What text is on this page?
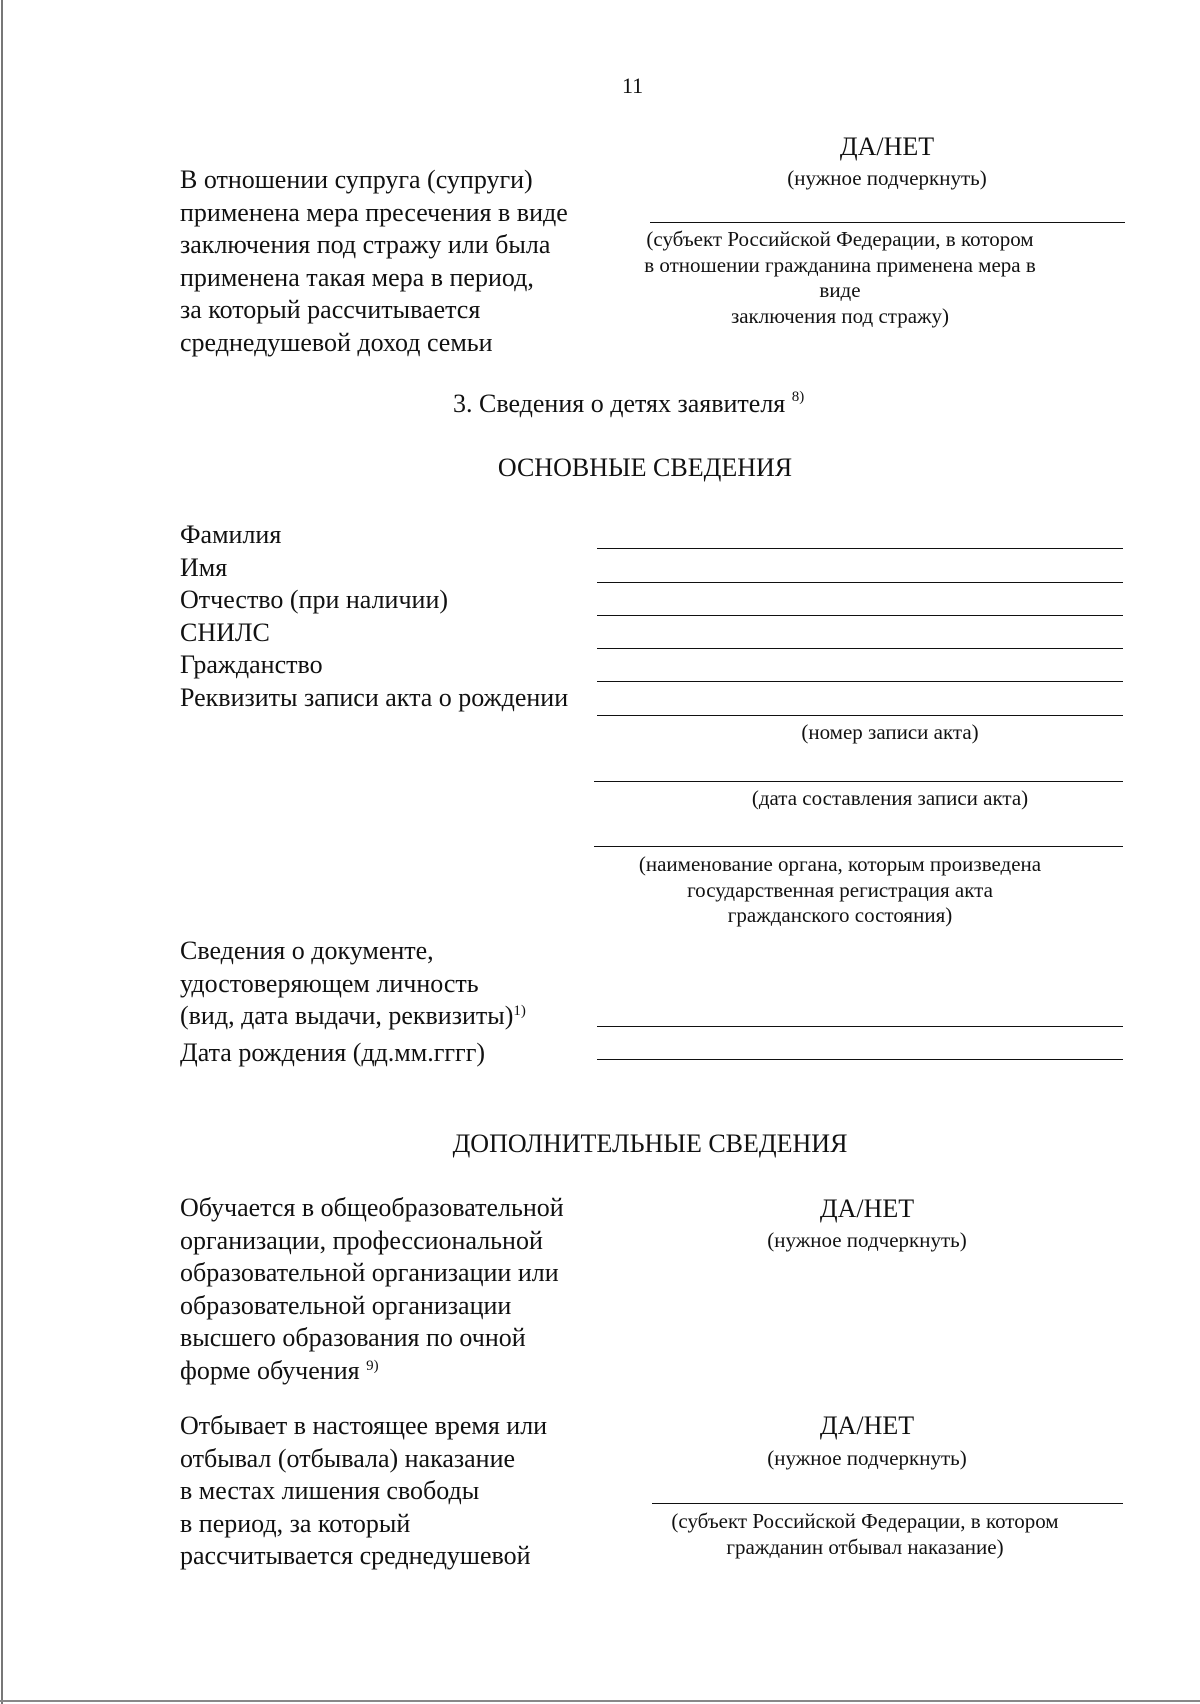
11
В отношении супруга (супруги)
применена мера пресечения в виде
заключения под стражу или была
применена такая мера в период,
за который рассчитывается
среднедушевой доход семьи
ДА/НЕТ
(нужное подчеркнуть)
(субъект Российской Федерации, в котором
в отношении гражданина применена мера в
виде
заключения под стражу)
3. Сведения о детях заявителя $^{8)}$
ОСНОВНЫЕ СВЕДЕНИЯ
Фамилия
Имя
Отчество (при наличии)
СНИЛС
Гражданство
Реквизиты записи акта о рождении
(номер записи акта)
(дата составления записи акта)
(наименование органа, которым произведена
государственная регистрация акта
гражданского состояния)
Сведения о документе,
удостоверяющем личность
(вид, дата выдачи, реквизиты)$^{1)}$
Дата рождения (дд.мм.гггг)
ДОПОЛНИТЕЛЬНЫЕ СВЕДЕНИЯ
Обучается в общеобразовательной
организации, профессиональной
образовательной организации или
образовательной организации
высшего образования по очной
форме обучения $^{9)}$
ДА/НЕТ
(нужное подчеркнуть)
Отбывает в настоящее время или
отбывал (отбывала) наказание
в местах лишения свободы
в период, за который
рассчитывается среднедушевой
ДА/НЕТ
(нужное подчеркнуть)
(субъект Российской Федерации, в котором
гражданин отбывал наказание)
